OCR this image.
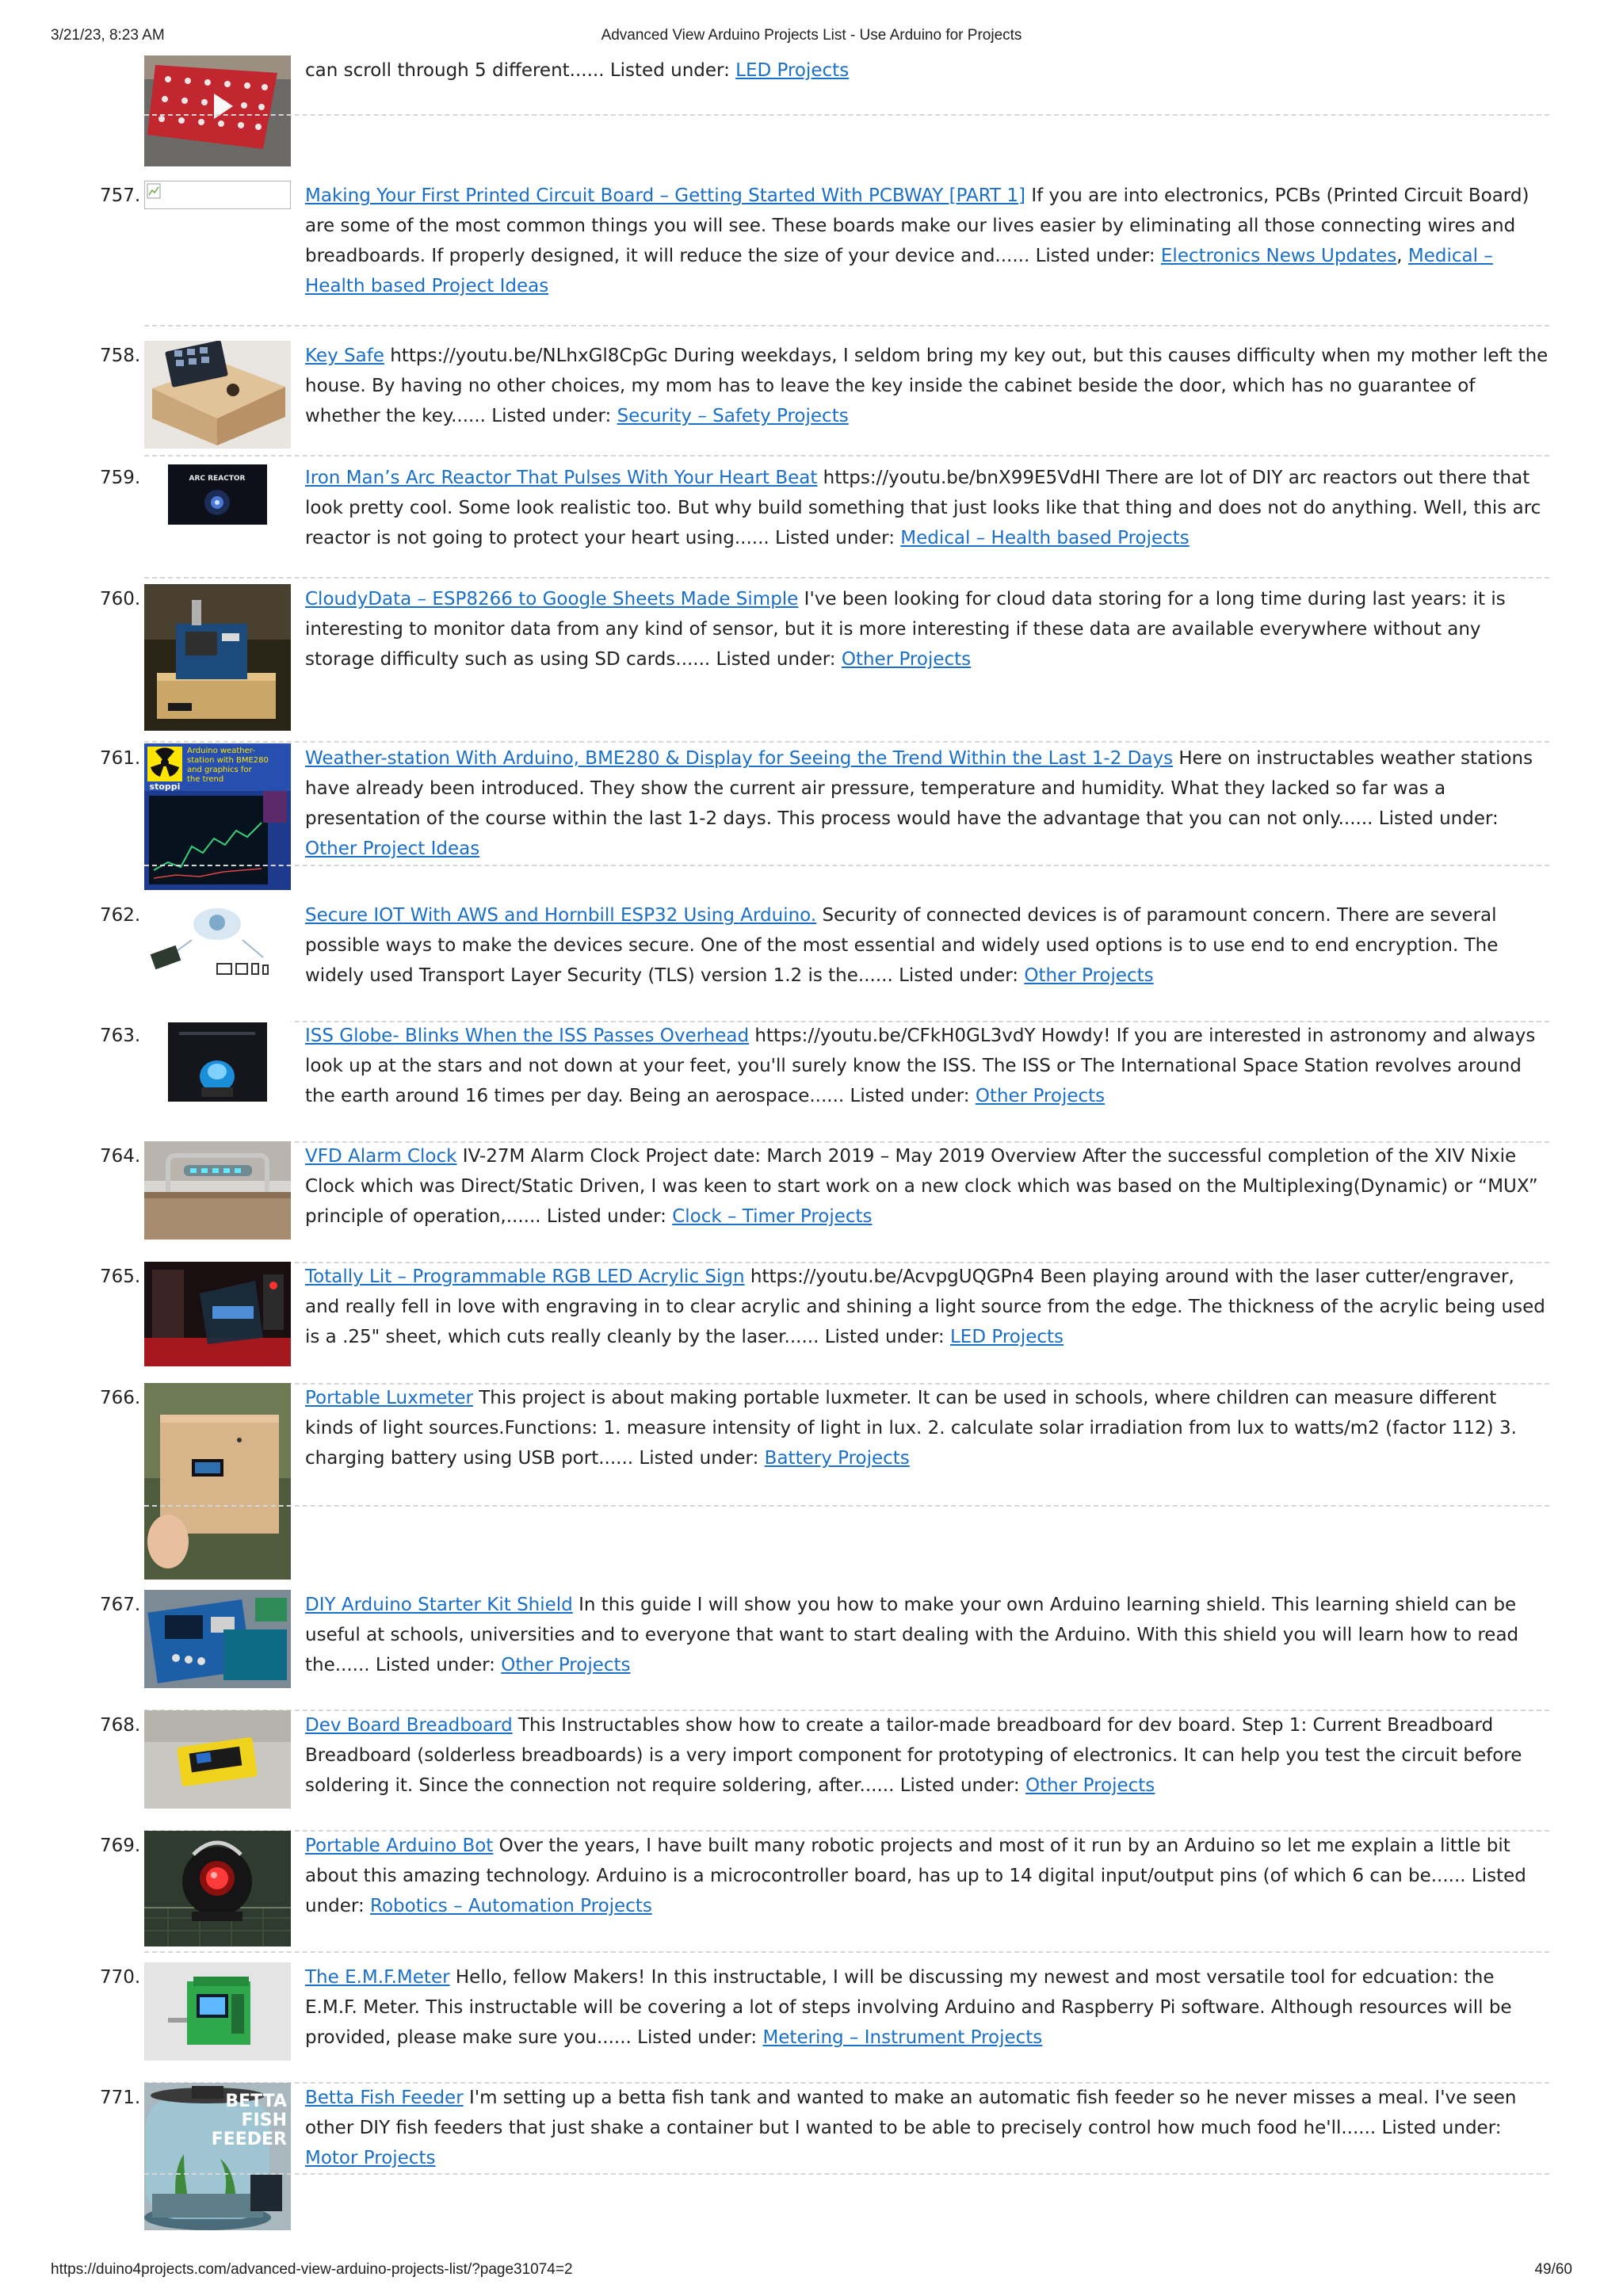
3/21/23, 8:23 AM	Advanced View Arduino Projects List - Use Arduino for Projects
can scroll through 5 different...... Listed under: LED Projects
757.	Making Your First Printed Circuit Board – Getting Started With PCBWAY [PART 1] If you are into electronics, PCBs (Printed Circuit Board) are some of the most common things you will see. These boards make our lives easier by eliminating all those connecting wires and breadboards. If properly designed, it will reduce the size of your device and...... Listed under: Electronics News Updates, Medical – Health based Project Ideas
758.	Key Safe https://youtu.be/NLhxGl8CpGc During weekdays, I seldom bring my key out, but this causes difficulty when my mother left the house. By having no other choices, my mom has to leave the key inside the cabinet beside the door, which has no guarantee of whether the key...... Listed under: Security – Safety Projects
759.	ARC REACTOR	Iron Man’s Arc Reactor That Pulses With Your Heart Beat https://youtu.be/bnX99E5VdHI There are lot of DIY arc reactors out there that look pretty cool. Some look realistic too. But why build something that just looks like that thing and does not do anything. Well, this arc reactor is not going to protect your heart using...... Listed under: Medical – Health based Projects
760.	CloudyData – ESP8266 to Google Sheets Made Simple I've been looking for cloud data storing for a long time during last years: it is interesting to monitor data from any kind of sensor, but it is more interesting if these data are available everywhere without any storage difficulty such as using SD cards...... Listed under: Other Projects
761.
stoppi
Arduino weather-
station with BME280
and graphics for
the trend
Weather-station With Arduino, BME280 & Display for Seeing the Trend Within the Last 1-2 Days Here on instructables weather stations have already been introduced. They show the current air pressure, temperature and humidity. What they lacked so far was a presentation of the course within the last 1-2 days. This process would have the advantage that you can not only...... Listed under: Other Project Ideas
762.	Secure IOT With AWS and Hornbill ESP32 Using Arduino. Security of connected devices is of paramount concern. There are several possible ways to make the devices secure. One of the most essential and widely used options is to use end to end encryption. The widely used Transport Layer Security (TLS) version 1.2 is the...... Listed under: Other Projects
763.	ISS Globe- Blinks When the ISS Passes Overhead https://youtu.be/CFkH0GL3vdY Howdy! If you are interested in astronomy and always look up at the stars and not down at your feet, you'll surely know the ISS. The ISS or The International Space Station revolves around the earth around 16 times per day. Being an aerospace...... Listed under: Other Projects
764.	VFD Alarm Clock IV-27M Alarm Clock Project date: March 2019 – May 2019 Overview After the successful completion of the XIV Nixie Clock which was Direct/Static Driven, I was keen to start work on a new clock which was based on the Multiplexing(Dynamic) or “MUX” principle of operation,...... Listed under: Clock – Timer Projects
765.	Totally Lit – Programmable RGB LED Acrylic Sign https://youtu.be/AcvpgUQGPn4 Been playing around with the laser cutter/engraver, and really fell in love with engraving in to clear acrylic and shining a light source from the edge. The thickness of the acrylic being used is a .25" sheet, which cuts really cleanly by the laser...... Listed under: LED Projects
766.	Portable Luxmeter This project is about making portable luxmeter. It can be used in schools, where children can measure different kinds of light sources.Functions: 1. measure intensity of light in lux. 2. calculate solar irradiation from lux to watts/m2 (factor 112) 3. charging battery using USB port...... Listed under: Battery Projects
767.	DIY Arduino Starter Kit Shield In this guide I will show you how to make your own Arduino learning shield. This learning shield can be useful at schools, universities and to everyone that want to start dealing with the Arduino. With this shield you will learn how to read the...... Listed under: Other Projects
768.	Dev Board Breadboard This Instructables show how to create a tailor-made breadboard for dev board. Step 1: Current Breadboard Breadboard (solderless breadboards) is a very import component for prototyping of electronics. It can help you test the circuit before soldering it. Since the connection not require soldering, after...... Listed under: Other Projects
769.	Portable Arduino Bot Over the years, I have built many robotic projects and most of it run by an Arduino so let me explain a little bit about this amazing technology. Arduino is a microcontroller board, has up to 14 digital input/output pins (of which 6 can be...... Listed under: Robotics – Automation Projects
770.	The E.M.F.Meter Hello, fellow Makers! In this instructable, I will be discussing my newest and most versatile tool for edcuation: the E.M.F. Meter. This instructable will be covering a lot of steps involving Arduino and Raspberry Pi software. Although resources will be provided, please make sure you...... Listed under: Metering – Instrument Projects
771.	BETTA
FISH
FEEDER
Betta Fish Feeder I'm setting up a betta fish tank and wanted to make an automatic fish feeder so he never misses a meal. I've seen other DIY fish feeders that just shake a container but I wanted to be able to precisely control how much food he'll...... Listed under: Motor Projects
https://duino4projects.com/advanced-view-arduino-projects-list/?page31074=2	49/60
